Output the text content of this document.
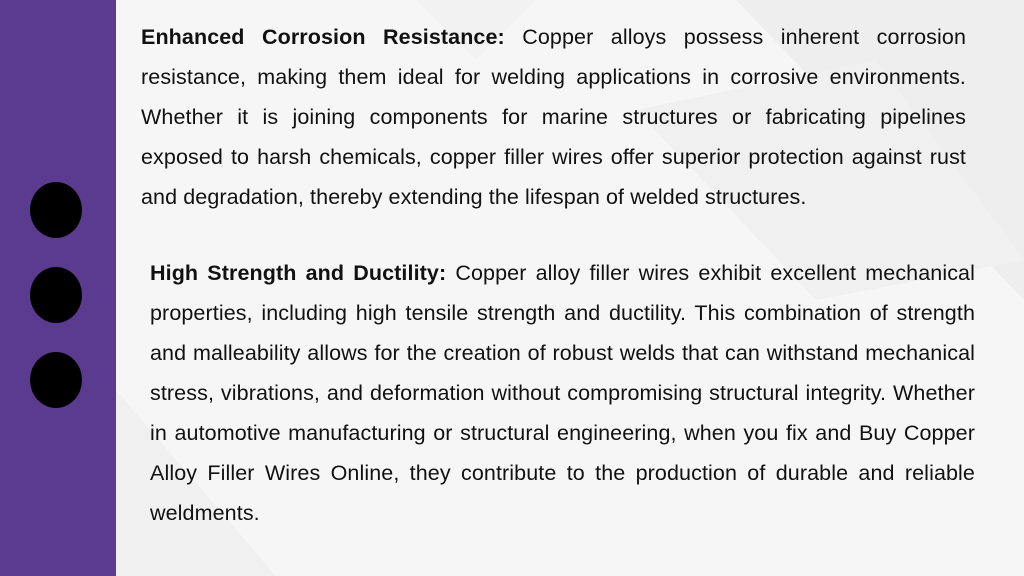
Enhanced Corrosion Resistance: Copper alloys possess inherent corrosion resistance, making them ideal for welding applications in corrosive environments. Whether it is joining components for marine structures or fabricating pipelines exposed to harsh chemicals, copper filler wires offer superior protection against rust and degradation, thereby extending the lifespan of welded structures.

High Strength and Ductility: Copper alloy filler wires exhibit excellent mechanical properties, including high tensile strength and ductility. This combination of strength and malleability allows for the creation of robust welds that can withstand mechanical stress, vibrations, and deformation without compromising structural integrity. Whether in automotive manufacturing or structural engineering, when you fix and Buy Copper Alloy Filler Wires Online, they contribute to the production of durable and reliable weldments.
